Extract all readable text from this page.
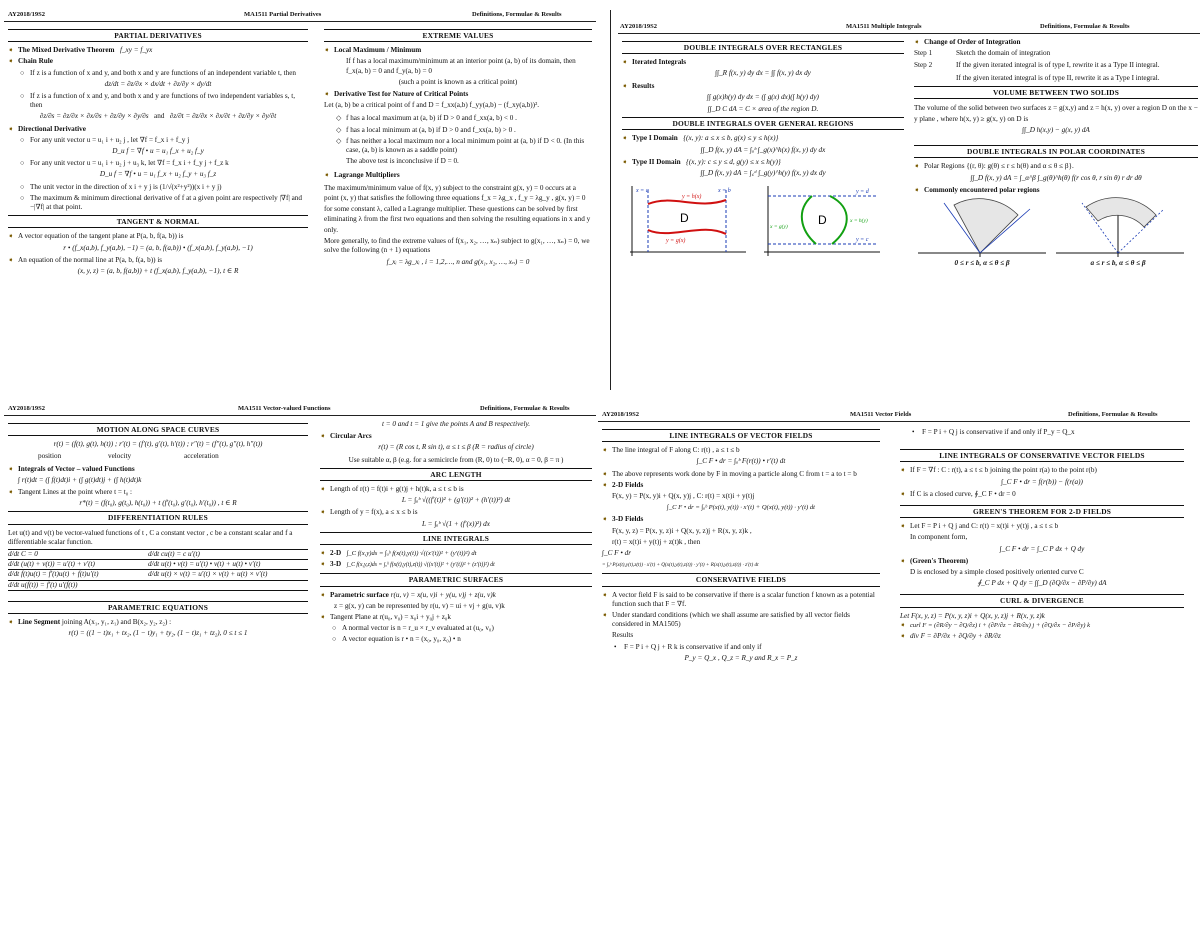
AY2018/19S2	MA1511 Partial Derivatives	Definitions, Formulae & Results
PARTIAL DERIVATIVES
➧ The Mixed Derivative Theorem f_xy = f_yx
➧ Chain Rule
○ If z is a function of x and y, and both x and y are functions of an independent variable t, then
dz/dt = ∂z/∂x × dx/dt + ∂z/∂y × dy/dt
○ If z is a function of x and y, and both x and y are functions of two independent variables s, t, then
∂z/∂s = ∂z/∂x × ∂x/∂s + ∂z/∂y × ∂y/∂s and ∂z/∂t = ∂z/∂x × ∂x/∂t + ∂z/∂y × ∂y/∂t
➧ Directional Derivative
○ For any unit vector u = u₁ i + u₂ j , let ∇f = f_x i + f_y j
D_u f = ∇f • u = u₁ f_x + u₂ f_y
○ For any unit vector u = u₁ i + u₂ j + u₃ k, let ∇f = f_x i + f_y j + f_z k
D_u f = ∇f • u = u₁ f_x + u₂ f_y + u₃ f_z
○ The unit vector in the direction of x i + y j is (1/√(x²+y²))(x i + y j)
○ The maximum & minimum directional derivative of f at a given point are respectively |∇f| and −|∇f| at that point.
TANGENT & NORMAL
➧ A vector equation of the tangent plane at P(a, b, f(a, b)) is
r • (f_x(a,b), f_y(a,b), −1) = (a, b, f(a,b)) • (f_x(a,b), f_y(a,b), −1)
➧ An equation of the normal line at P(a, b, f(a, b)) is
(x, y, z) = (a, b, f(a,b)) + t (f_x(a,b), f_y(a,b), −1), t ∈ R
EXTREME VALUES
➧ Local Maximum / Minimum
If f has a local maximum/minimum at an interior point (a, b) of its domain, then f_x(a, b) = 0 and f_y(a, b) = 0
(such a point is known as a critical point)
➧ Derivative Test for Nature of Critical Points
Let (a, b) be a critical point of f and D = f_xx(a,b) f_yy(a,b) − (f_xy(a,b))².
◇ f has a local maximum at (a, b) if D > 0 and f_xx(a, b) < 0 .
◇ f has a local minimum at (a, b) if D > 0 and f_xx(a, b) > 0 .
◇ f has neither a local maximum nor a local minimum point at (a, b) if D < 0. (In this case, (a, b) is known as a saddle point)
The above test is inconclusive if D = 0.
➧ Lagrange Multipliers
The maximum/minimum value of f(x, y) subject to the constraint g(x, y) = 0 occurs at a point (x, y) that satisfies the following three equations f_x = λg_x , f_y = λg_y , g(x, y) = 0 for some constant λ, called a Lagrange multiplier. These questions can be solved by first eliminating λ from the first two equations and then solving the resulting equations in x and y only.
More generally, to find the extreme values of f(x₁, x₂, …, xₙ) subject to g(x₁, …, xₙ) = 0, we solve the following (n + 1) equations
f_xᵢ = λg_xᵢ , i = 1,2,…, n and g(x₁, x₂, …, xₙ) = 0
AY2018/19S2	MA1511 Multiple Integrals	Definitions, Formulae & Results
DOUBLE INTEGRALS OVER RECTANGLES
➧ Iterated Integrals
∫∫_R f(x, y) dy dx = ∫∫ f(x, y) dx dy
➧ Results
∫∫ g(x)h(y) dy dx = (∫ g(x) dx)(∫ h(y) dy)
∫∫_D C dA = C × area of the region D.
DOUBLE INTEGRALS OVER GENERAL REGIONS
➧ Type I Domain {(x, y): a ≤ x ≤ b, g(x) ≤ y ≤ h(x)}
∫∫_D f(x, y) dA = ∫ₐᵇ ∫_g(x)^h(x) f(x, y) dy dx
➧ Type II Domain {(x, y): c ≤ y ≤ d, g(y) ≤ x ≤ h(y)}
∫∫_D f(x, y) dA = ∫꜀ᵈ ∫_g(y)^h(y) f(x, y) dx dy
x = a	x = b
y = h(x)
y = g(x)
D

y = d
y = c
x = g(y)
x = h(y)
D
➧ Change of Order of Integration
Step 1	Sketch the domain of integration
Step 2	If the given iterated integral is of type I, rewrite it as a Type II integral.
If the given iterated integral is of type II, rewrite it as a Type I integral.
VOLUME BETWEEN TWO SOLIDS
The volume of the solid between two surfaces z = g(x,y) and z = h(x, y) over a region D on the x − y plane , where h(x, y) ≥ g(x, y) on D is
∫∫_D h(x,y) − g(x, y) dA
DOUBLE INTEGRALS IN POLAR COORDINATES
➧ Polar Regions {(r, θ): g(θ) ≤ r ≤ h(θ) and α ≤ θ ≤ β}.
∫∫_D f(x, y) dA = ∫_α^β ∫_g(θ)^h(θ) f(r cos θ, r sin θ) r dr dθ
➧ Commonly encountered polar regions

0 ≤ r ≤ b, α ≤ θ ≤ β	a ≤ r ≤ b, α ≤ θ ≤ β
AY2018/19S2	MA1511 Vector-valued Functions	Definitions, Formulae & Results
MOTION ALONG SPACE CURVES
r(t) = (f(t), g(t), h(t)) ; r′(t) = (f′(t), g′(t), h′(t)) ; r″(t) = (f″(t), g″(t), h″(t))
position	velocity	acceleration
➧ Integrals of Vector – valued Functions
∫ r(t)dt = (∫ f(t)dt)i + (∫ g(t)dt)j + (∫ h(t)dt)k
➧ Tangent Lines at the point where t = t₀ :
r*(t) = (f(t₀), g(t₀), h(t₀)) + t (f′(t₀), g′(t₀), h′(t₀)) , t ∈ R
DIFFERENTIATION RULES
Let u(t) and v(t) be vector-valued functions of t , C a constant vector , c be a constant scalar and f a differentiable scalar function.
d/dt C = 0	d/dt cu(t) = c u′(t)
d/dt (u(t) + v(t)) = u′(t) + v′(t)	d/dt u(t) • v(t) = u′(t) • v(t) + u(t) • v′(t)
d/dt f(t)u(t) = f′(t)u(t) + f(t)u′(t)	d/dt u(t) × v(t) = u′(t) × v(t) + u(t) × v′(t)
d/dt u(f(t)) = f′(t) u′(f(t))
PARAMETRIC EQUATIONS
➧ Line Segment joining A(x₁, y₁, z₁) and B(x₂, y₂, z₂) :
r(t) = ((1 − t)x₁ + tx₂, (1 − t)y₁ + ty₂, (1 − t)z₁ + tz₂), 0 ≤ t ≤ 1
t = 0 and t = 1 give the points A and B respectively.
➧ Circular Arcs
r(t) = (R cos t, R sin t), α ≤ t ≤ β (R = radius of circle)
Use suitable α, β (e.g. for a semicircle from (R, 0) to (−R, 0), α = 0, β = π )
ARC LENGTH
➧ Length of r(t) = f(t)i + g(t)j + h(t)k, a ≤ t ≤ b is
L = ∫ₐᵇ √((f′(t))² + (g′(t))² + (h′(t))²) dt
➧ Length of y = f(x), a ≤ x ≤ b is
L = ∫ₐᵇ √(1 + (f′(x))²) dx
LINE INTEGRALS
➧ 2-D ∫_C f(x,y)ds = ∫ₐᵇ f(x(t),y(t)) √((x′(t))² + (y′(t))²) dt
➧ 3-D ∫_C f(x,y,z)ds = ∫ₐᵇ f(x(t),y(t),z(t)) √((x′(t))² + (y′(t))² + (z′(t))²) dt
PARAMETRIC SURFACES
➧ Parametric surface r(u, v) = x(u, v)i + y(u, v)j + z(u, v)k
z = g(x, y) can be represented by r(u, v) = ui + vj + g(u, v)k
➧ Tangent Plane at r(u₀, v₀) = x₀i + y₀j + z₀k
○ A normal vector is n = r_u × r_v evaluated at (u₀, v₀)
○ A vector equation is r • n = (x₀, y₀, z₀) • n
AY2018/19S2	MA1511 Vector Fields	Definitions, Formulae & Results
LINE INTEGRALS OF VECTOR FIELDS
➧ The line integral of F along C: r(t) , a ≤ t ≤ b
∫_C F • dr = ∫ₐᵇ F(r(t)) • r′(t) dt
➧ The above represents work done by F in moving a particle along C from t = a to t = b
➧ 2-D Fields
F(x, y) = P(x, y)i + Q(x, y)j , C: r(t) = x(t)i + y(t)j
∫_C F • dr = ∫ₐᵇ P(x(t), y(t)) · x′(t) + Q(x(t), y(t)) · y′(t) dt
➧ 3-D Fields
F(x, y, z) = P(x, y, z)i + Q(x, y, z)j + R(x, y, z)k ,
r(t) = x(t)i + y(t)j + z(t)k , then
∫_C F • dr
= ∫ₐᵇ P(x(t),y(t),z(t)) · x′(t) + Q(x(t),y(t),z(t)) · y′(t) + R(x(t),y(t),z(t)) · z′(t) dt
CONSERVATIVE FIELDS
➧ A vector field F is said to be conservative if there is a scalar function f known as a potential function such that F = ∇f.
➧ Under standard conditions (which we shall assume are satisfied by all vector fields considered in MA1505)
Results
• F = P i + Q j + R k is conservative if and only if
P_y = Q_x , Q_z = R_y and R_x = P_z
• F = P i + Q j is conservative if and only if P_y = Q_x
LINE INTEGRALS OF CONSERVATIVE VECTOR FIELDS
➧ If F = ∇f : C : r(t), a ≤ t ≤ b joining the point r(a) to the point r(b)
∫_C F • dr = f(r(b)) − f(r(a))
➧ If C is a closed curve, ∮_C F • dr = 0
GREEN'S THEOREM FOR 2-D FIELDS
➧ Let F = P i + Q j and C: r(t) = x(t)i + y(t)j , a ≤ t ≤ b
In component form,
∫_C F • dr = ∫_C P dx + Q dy
➧ (Green's Theorem)
D is enclosed by a simple closed positively oriented curve C
∮_C P dx + Q dy = ∫∫_D (∂Q/∂x − ∂P/∂y) dA
CURL & DIVERGENCE
Let F(x, y, z) = P(x, y, z)i + Q(x, y, z)j + R(x, y, z)k
➧ curl F = (∂R/∂y − ∂Q/∂z) i + (∂P/∂z − ∂R/∂x) j + (∂Q/∂x − ∂P/∂y) k
➧ div F = ∂P/∂x + ∂Q/∂y + ∂R/∂z
